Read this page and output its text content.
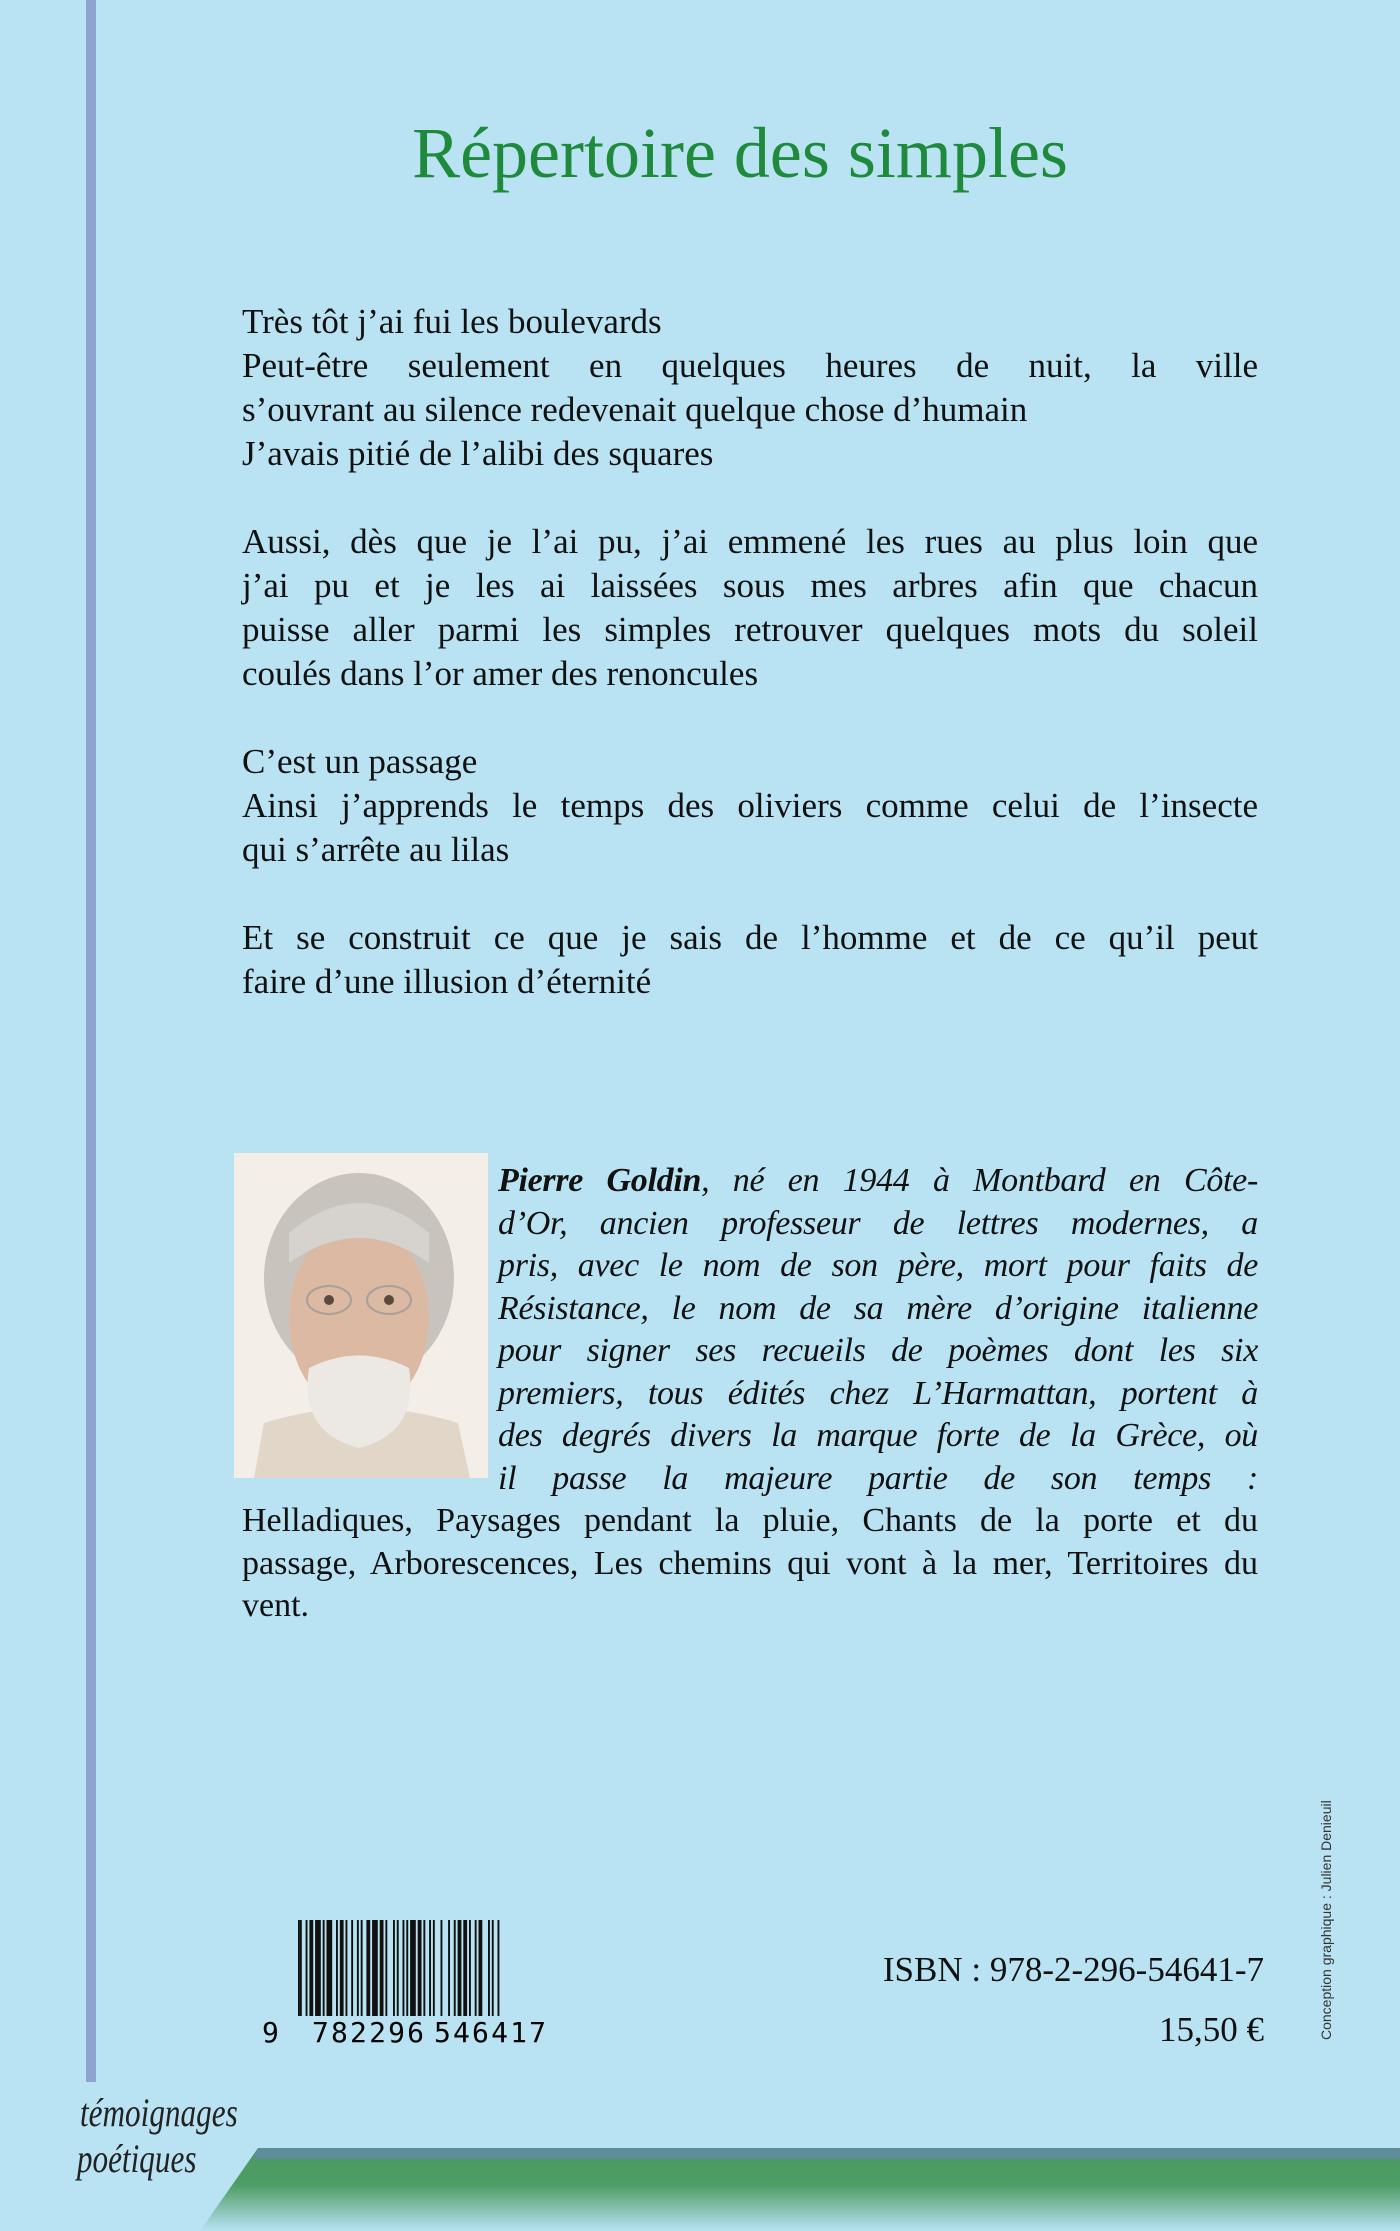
Répertoire des simples
Très tôt j’ai fui les boulevards
Peut-être seulement en quelques heures de nuit, la ville
s’ouvrant au silence redevenait quelque chose d’humain
J’avais pitié de l’alibi des squares
Aussi, dès que je l’ai pu, j’ai emmené les rues au plus loin que
j’ai pu et je les ai laissées sous mes arbres afin que chacun
puisse aller parmi les simples retrouver quelques mots du soleil
coulés dans l’or amer des renoncules
C’est un passage
Ainsi j’apprends le temps des oliviers comme celui de l’insecte
qui s’arrête au lilas
Et se construit ce que je sais de l’homme et de ce qu’il peut
faire d’une illusion d’éternité
Pierre Goldin, né en 1944 à Montbard en Côte-
d’Or, ancien professeur de lettres modernes, a
pris, avec le nom de son père, mort pour faits de
Résistance, le nom de sa mère d’origine italienne
pour signer ses recueils de poèmes dont les six
premiers, tous édités chez L’Harmattan, portent à
des degrés divers la marque forte de la Grèce, où
il passe la majeure partie de son temps :
Helladiques, Paysages pendant la pluie, Chants de la porte et du
passage, Arborescences, Les chemins qui vont à la mer, Territoires du
vent.
9 782296 546417
ISBN : 978-2-296-54641-7
15,50 €	Conception graphique : Julien Denieuil
témoignages
poétiques
